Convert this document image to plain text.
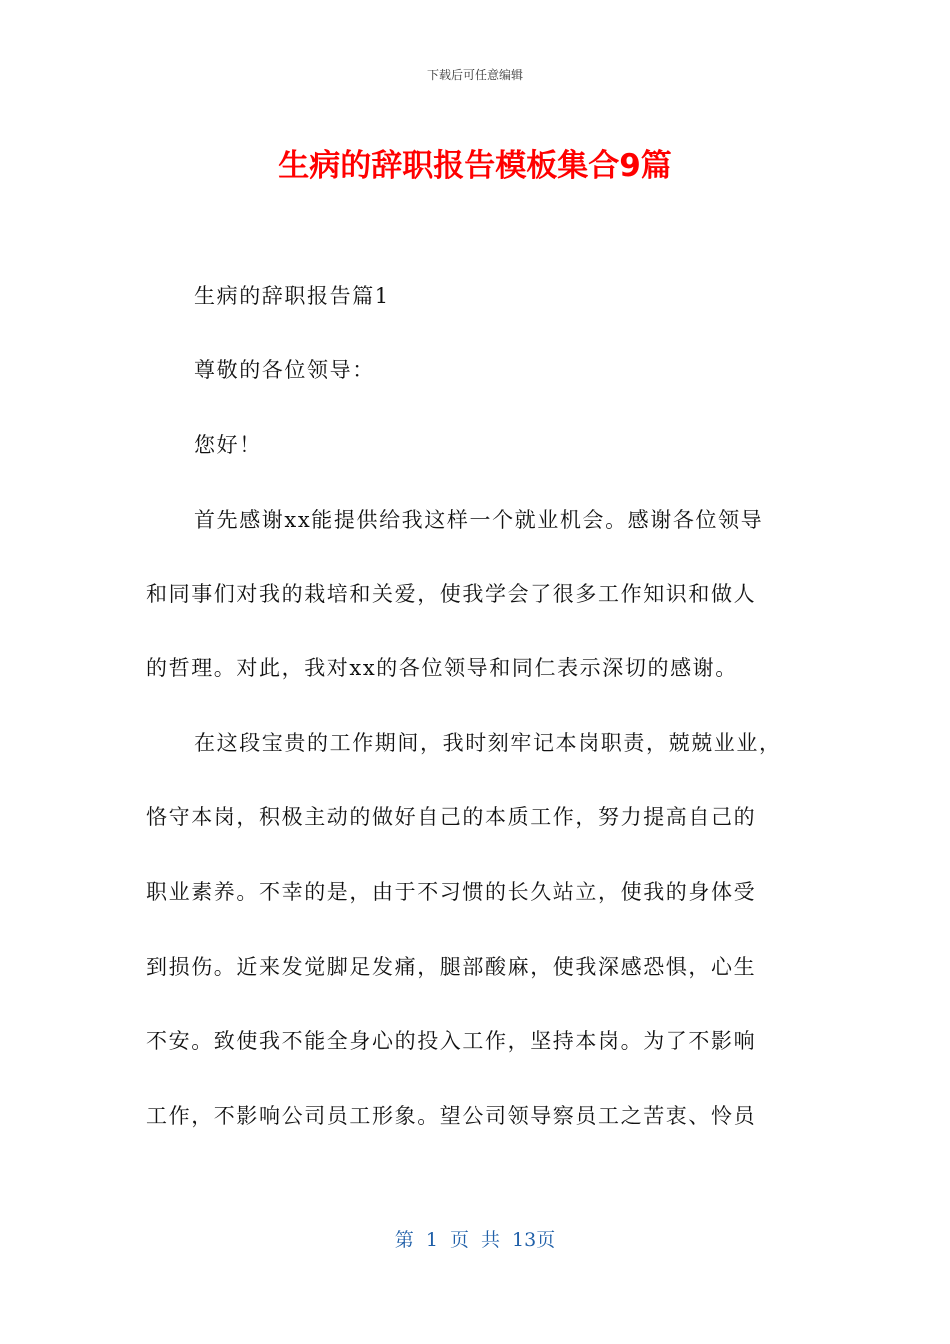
下载后可任意编辑
生病的辞职报告模板集合9篇
生病的辞职报告篇1
尊敬的各位领导：
您好！
首先感谢xx能提供给我这样一个就业机会。感谢各位领导
和同事们对我的栽培和关爱，使我学会了很多工作知识和做人
的哲理。对此，我对xx的各位领导和同仁表示深切的感谢。
在这段宝贵的工作期间，我时刻牢记本岗职责，兢兢业业，
恪守本岗，积极主动的做好自己的本质工作，努力提高自己的
职业素养。不幸的是，由于不习惯的长久站立，使我的身体受
到损伤。近来发觉脚足发痛，腿部酸麻，使我深感恐惧，心生
不安。致使我不能全身心的投入工作，坚持本岗。为了不影响
工作，不影响公司员工形象。望公司领导察员工之苦衷、怜员
第 1 页 共 13页
